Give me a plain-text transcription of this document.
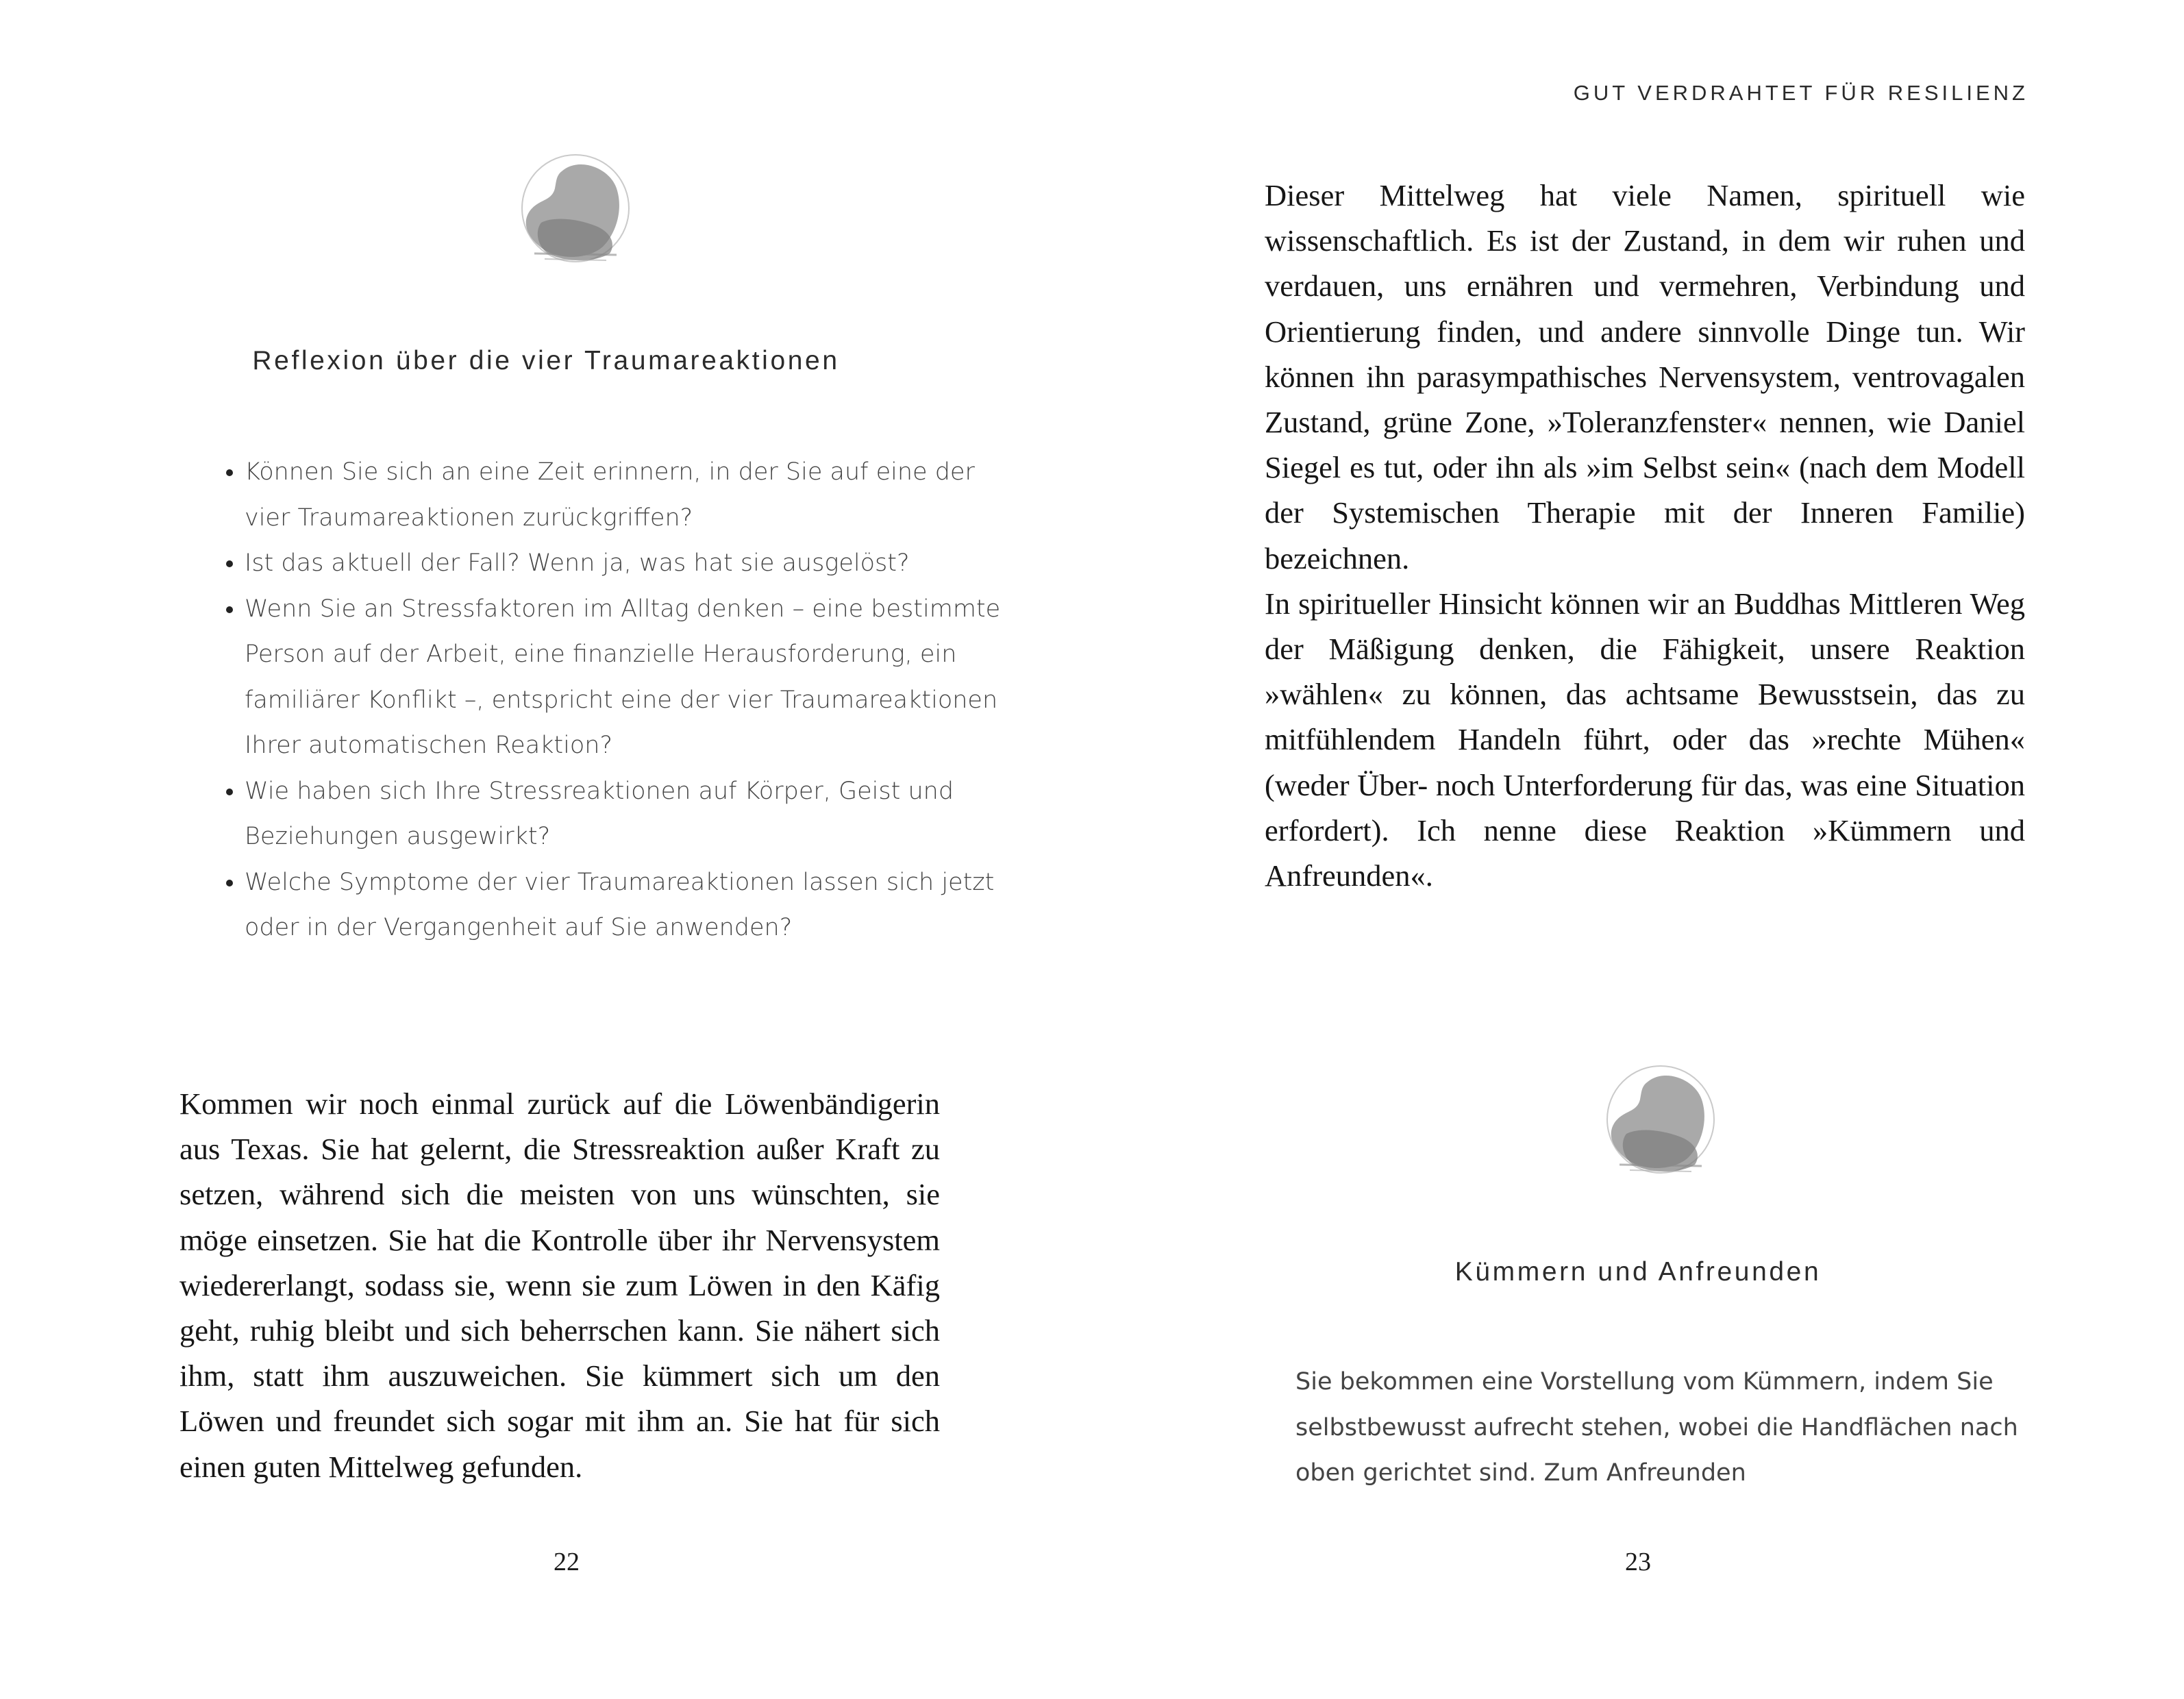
Reflexion über die vier Traumareaktionen
• Können Sie sich an eine Zeit erinnern, in der Sie auf eine der vier Traumareaktionen zurückgriffen?
• Ist das aktuell der Fall? Wenn ja, was hat sie ausgelöst?
• Wenn Sie an Stressfaktoren im Alltag denken – eine bestimmte Person auf der Arbeit, eine finanzielle Herausforderung, ein familiärer Konflikt –, entspricht eine der vier Traumareaktionen Ihrer automatischen Reaktion?
• Wie haben sich Ihre Stressreaktionen auf Körper, Geist und Beziehungen ausgewirkt?
• Welche Symptome der vier Traumareaktionen lassen sich jetzt oder in der Vergangenheit auf Sie anwenden?

Kommen wir noch einmal zurück auf die Löwenbändigerin aus Texas. Sie hat gelernt, die Stressreaktion außer Kraft zu setzen, während sich die meisten von uns wünschten, sie möge einsetzen. Sie hat die Kontrolle über ihr Nervensystem wiedererlangt, sodass sie, wenn sie zum Löwen in den Käfig geht, ruhig bleibt und sich beherrschen kann. Sie nähert sich ihm, statt ihm auszuweichen. Sie kümmert sich um den Löwen und freundet sich sogar mit ihm an. Sie hat für sich einen guten Mittelweg gefunden.

22
GUT VERDRAHTET FÜR RESILIENZ

Dieser Mittelweg hat viele Namen, spirituell wie wissenschaftlich. Es ist der Zustand, in dem wir ruhen und verdauen, uns ernähren und vermehren, Verbindung und Orientierung finden, und andere sinnvolle Dinge tun. Wir können ihn parasympathisches Nervensystem, ventrovagalen Zustand, grüne Zone, »Toleranzfenster« nennen, wie Daniel Siegel es tut, oder ihn als »im Selbst sein« (nach dem Modell der Systemischen Therapie mit der Inneren Familie) bezeichnen.

In spiritueller Hinsicht können wir an Buddhas Mittleren Weg der Mäßigung denken, die Fähigkeit, unsere Reaktion »wählen« zu können, das achtsame Bewusstsein, das zu mitfühlendem Handeln führt, oder das »rechte Mühen« (weder Über- noch Unterforderung für das, was eine Situation erfordert). Ich nenne diese Reaktion »Kümmern und Anfreunden«.

Kümmern und Anfreunden

Sie bekommen eine Vorstellung vom Kümmern, indem Sie selbstbewusst aufrecht stehen, wobei die Handflächen nach oben gerichtet sind. Zum Anfreunden

23
